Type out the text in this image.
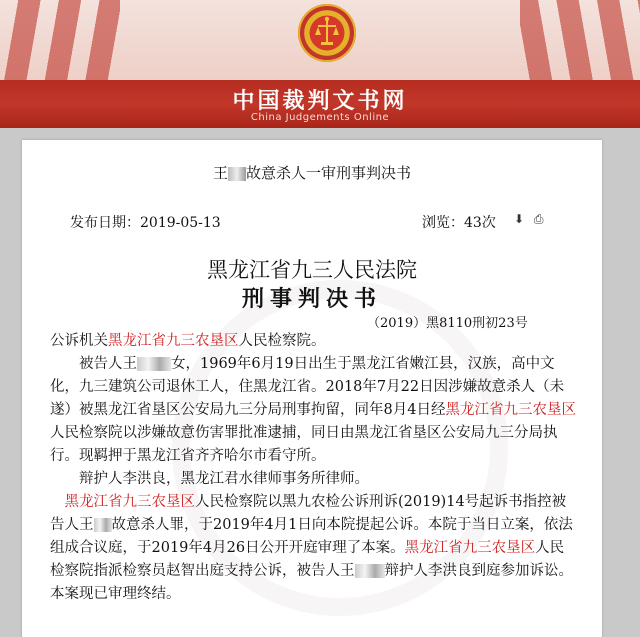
中国裁判文书网
China Judgements Online
王 故意杀人一审刑事判决书
发布日期：2019-05-13	浏览：43次 ⬇ ⎙
黑龙江省九三人民法院
刑事判决书
（2019）黑8110刑初23号

公诉机关黑龙江省九三农垦区人民检察院。

被告人王 女，1969年6月19日出生于黑龙江省嫩江县，汉族，高中文化，九三建筑公司退休工人，住黑龙江省。2018年7月22日因涉嫌故意杀人（未遂）被黑龙江省垦区公安局九三分局刑事拘留，同年8月4日经黑龙江省九三农垦区人民检察院以涉嫌故意伤害罪批准逮捕，同日由黑龙江省垦区公安局九三分局执行。现羁押于黑龙江省齐齐哈尔市看守所。

辩护人李洪良，黑龙江君水律师事务所律师。

黑龙江省九三农垦区人民检察院以黑九农检公诉刑诉(2019)14号起诉书指控被告人王 故意杀人罪，于2019年4月1日向本院提起公诉。本院于当日立案，依法组成合议庭，于2019年4月26日公开开庭审理了本案。黑龙江省九三农垦区人民检察院指派检察员赵智出庭支持公诉，被告人王 辩护人李洪良到庭参加诉讼。本案现已审理终结。
